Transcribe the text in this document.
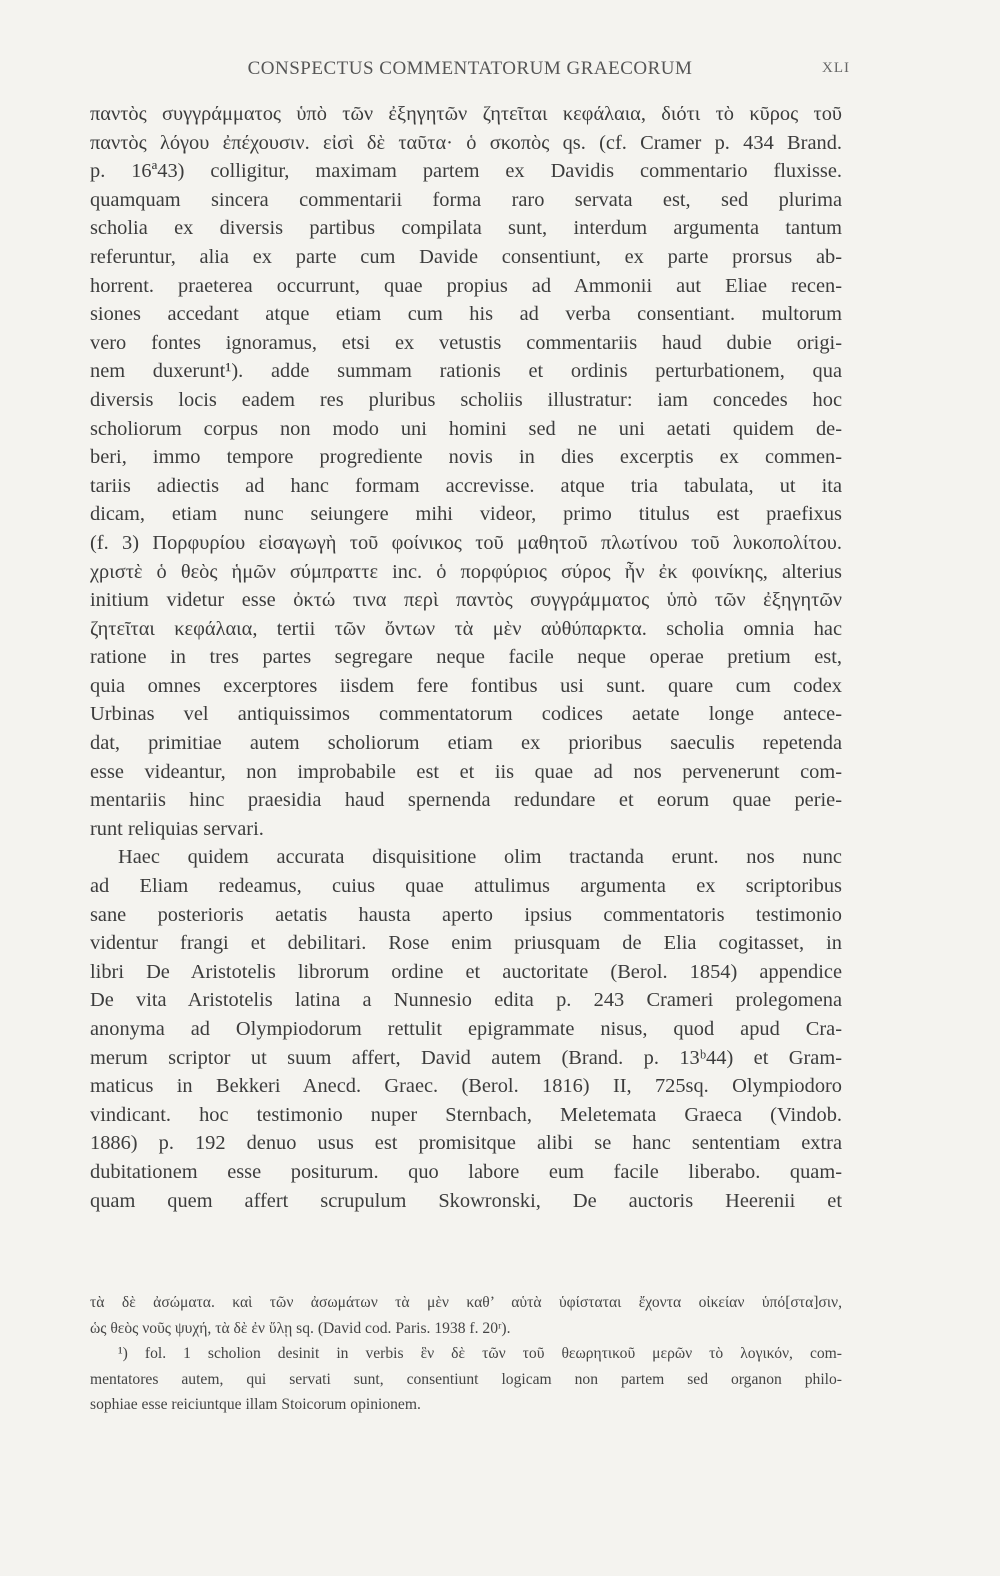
CONSPECTUS COMMENTATORUM GRAECORUM	XLI
παντὸς συγγράμματος ὑπὸ τῶν ἐξηγητῶν ζητεῖται κεφάλαια, διότι τὸ κῦρος τοῦ
παντὸς λόγου ἐπέχουσιν. εἰσὶ δὲ ταῦτα· ὁ σκοπὸς qs. (cf. Cramer p. 434 Brand.
p. 16ª43) colligitur, maximam partem ex Davidis commentario fluxisse.
quamquam sincera commentarii forma raro servata est, sed plurima
scholia ex diversis partibus compilata sunt, interdum argumenta tantum
referuntur, alia ex parte cum Davide consentiunt, ex parte prorsus ab-
horrent. praeterea occurrunt, quae propius ad Ammonii aut Eliae recen-
siones accedant atque etiam cum his ad verba consentiant. multorum
vero fontes ignoramus, etsi ex vetustis commentariis haud dubie origi-
nem duxerunt¹). adde summam rationis et ordinis perturbationem, qua
diversis locis eadem res pluribus scholiis illustratur: iam concedes hoc
scholiorum corpus non modo uni homini sed ne uni aetati quidem de-
beri, immo tempore progrediente novis in dies excerptis ex commen-
tariis adiectis ad hanc formam accrevisse. atque tria tabulata, ut ita
dicam, etiam nunc seiungere mihi videor, primo titulus est praefixus
(f. 3) Πορφυρίου εἰσαγωγὴ τοῦ φοίνικος τοῦ μαθητοῦ πλωτίνου τοῦ λυκοπολίτου.
χριστὲ ὁ θεὸς ἡμῶν σύμπραττε inc. ὁ πορφύριος σύρος ἦν ἐκ φοινίκης, alterius
initium videtur esse ὀκτώ τινα περὶ παντὸς συγγράμματος ὑπὸ τῶν ἐξηγητῶν
ζητεῖται κεφάλαια, tertii τῶν ὄντων τὰ μὲν αὐθύπαρκτα. scholia omnia hac
ratione in tres partes segregare neque facile neque operae pretium est,
quia omnes excerptores iisdem fere fontibus usi sunt. quare cum codex
Urbinas vel antiquissimos commentatorum codices aetate longe antece-
dat, primitiae autem scholiorum etiam ex prioribus saeculis repetenda
esse videantur, non improbabile est et iis quae ad nos pervenerunt com-
mentariis hinc praesidia haud spernenda redundare et eorum quae perie-
runt reliquias servari.
Haec quidem accurata disquisitione olim tractanda erunt. nos nunc
ad Eliam redeamus, cuius quae attulimus argumenta ex scriptoribus
sane posterioris aetatis hausta aperto ipsius commentatoris testimonio
videntur frangi et debilitari. Rose enim priusquam de Elia cogitasset, in
libri De Aristotelis librorum ordine et auctoritate (Berol. 1854) appendice
De vita Aristotelis latina a Nunnesio edita p. 243 Crameri prolegomena
anonyma ad Olympiodorum rettulit epigrammate nisus, quod apud Cra-
merum scriptor ut suum affert, David autem (Brand. p. 13ᵇ44) et Gram-
maticus in Bekkeri Anecd. Graec. (Berol. 1816) II, 725sq. Olympiodoro
vindicant. hoc testimonio nuper Sternbach, Meletemata Graeca (Vindob.
1886) p. 192 denuo usus est promisitque alibi se hanc sententiam extra
dubitationem esse positurum. quo labore eum facile liberabo. quam-
quam quem affert scrupulum Skowronski, De auctoris Heerenii et
τὰ δὲ ἀσώματα. καὶ τῶν ἀσωμάτων τὰ μὲν καθ’ αὑτὰ ὑφίσταται ἔχοντα οἰκείαν ὑπό[στα]σιν,
ὡς θεὸς νοῦς ψυχή, τὰ δὲ ἐν ὕλῃ sq. (David cod. Paris. 1938 f. 20ʳ).
¹) fol. 1 scholion desinit in verbis ἓν δὲ τῶν τοῦ θεωρητικοῦ μερῶν τὸ λογικόν, com-
mentatores autem, qui servati sunt, consentiunt logicam non partem sed organon philo-
sophiae esse reiciuntque illam Stoicorum opinionem.
